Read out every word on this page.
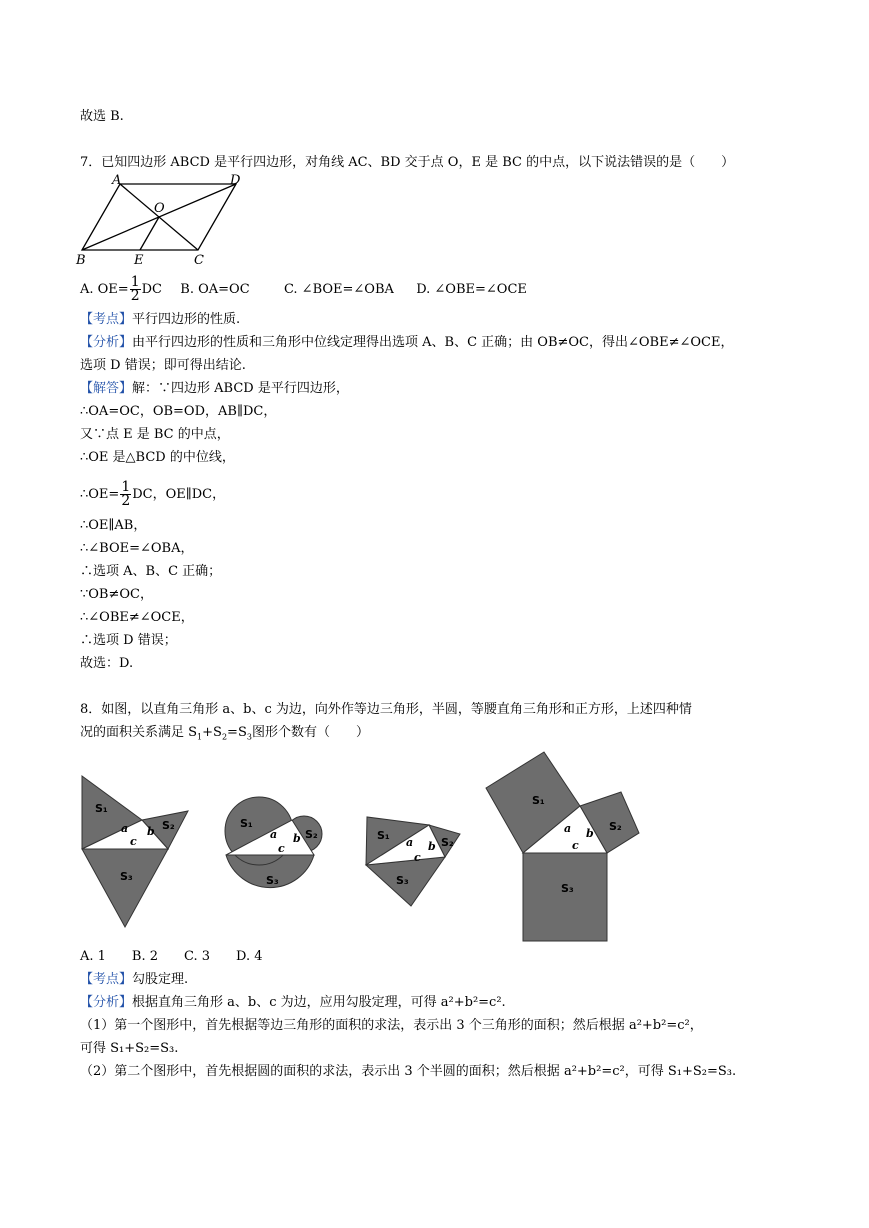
故选 B.
7．已知四边形 ABCD 是平行四边形，对角线 AC、BD 交于点 O，E 是 BC 的中点，以下说法错误的是（　　）
A	D
O
B	E	C
A. $OE= \frac{1}{2}$ DC B. OA=OC	C. ∠BOE=∠OBA D. ∠OBE=∠OCE
【考点】平行四边形的性质.
【分析】由平行四边形的性质和三角形中位线定理得出选项 A、B、C 正确；由 OB≠OC，得出∠OBE≠∠OCE，
选项 D 错误；即可得出结论.
【解答】解：∵四边形 ABCD 是平行四边形，
∴OA=OC，OB=OD，AB∥DC，
又∵点 E 是 BC 的中点，
∴OE 是△BCD 的中位线，
∴OE= $\frac{1}{2}$ DC，OE∥DC，
∴OE∥AB，
∴∠BOE=∠OBA，
∴选项 A、B、C 正确；
∵OB≠OC，
∴∠OBE≠∠OCE，
∴选项 D 错误；
故选：D.
8．如图，以直角三角形 a、b、c 为边，向外作等边三角形，半圆，等腰直角三角形和正方形，上述四种情
况的面积关系满足 $S_1+S_2=S_3$图形个数有（　　）
S₁
S₂
S₃
a b
c
S₁
S₂
S₃
a b
c
S₁
S₂
S₃
a b
c
S₁
S₂
S₃
a b
c
A. 1　　B. 2　　C. 3　　D. 4
【考点】勾股定理.
【分析】根据直角三角形 a、b、c 为边，应用勾股定理，可得 a²+b²=c².
（1）第一个图形中，首先根据等边三角形的面积的求法，表示出 3 个三角形的面积；然后根据 a²+b²=c²，
可得 S₁+S₂=S₃.
（2）第二个图形中，首先根据圆的面积的求法，表示出 3 个半圆的面积；然后根据 a²+b²=c²，可得 S₁+S₂=S₃.
